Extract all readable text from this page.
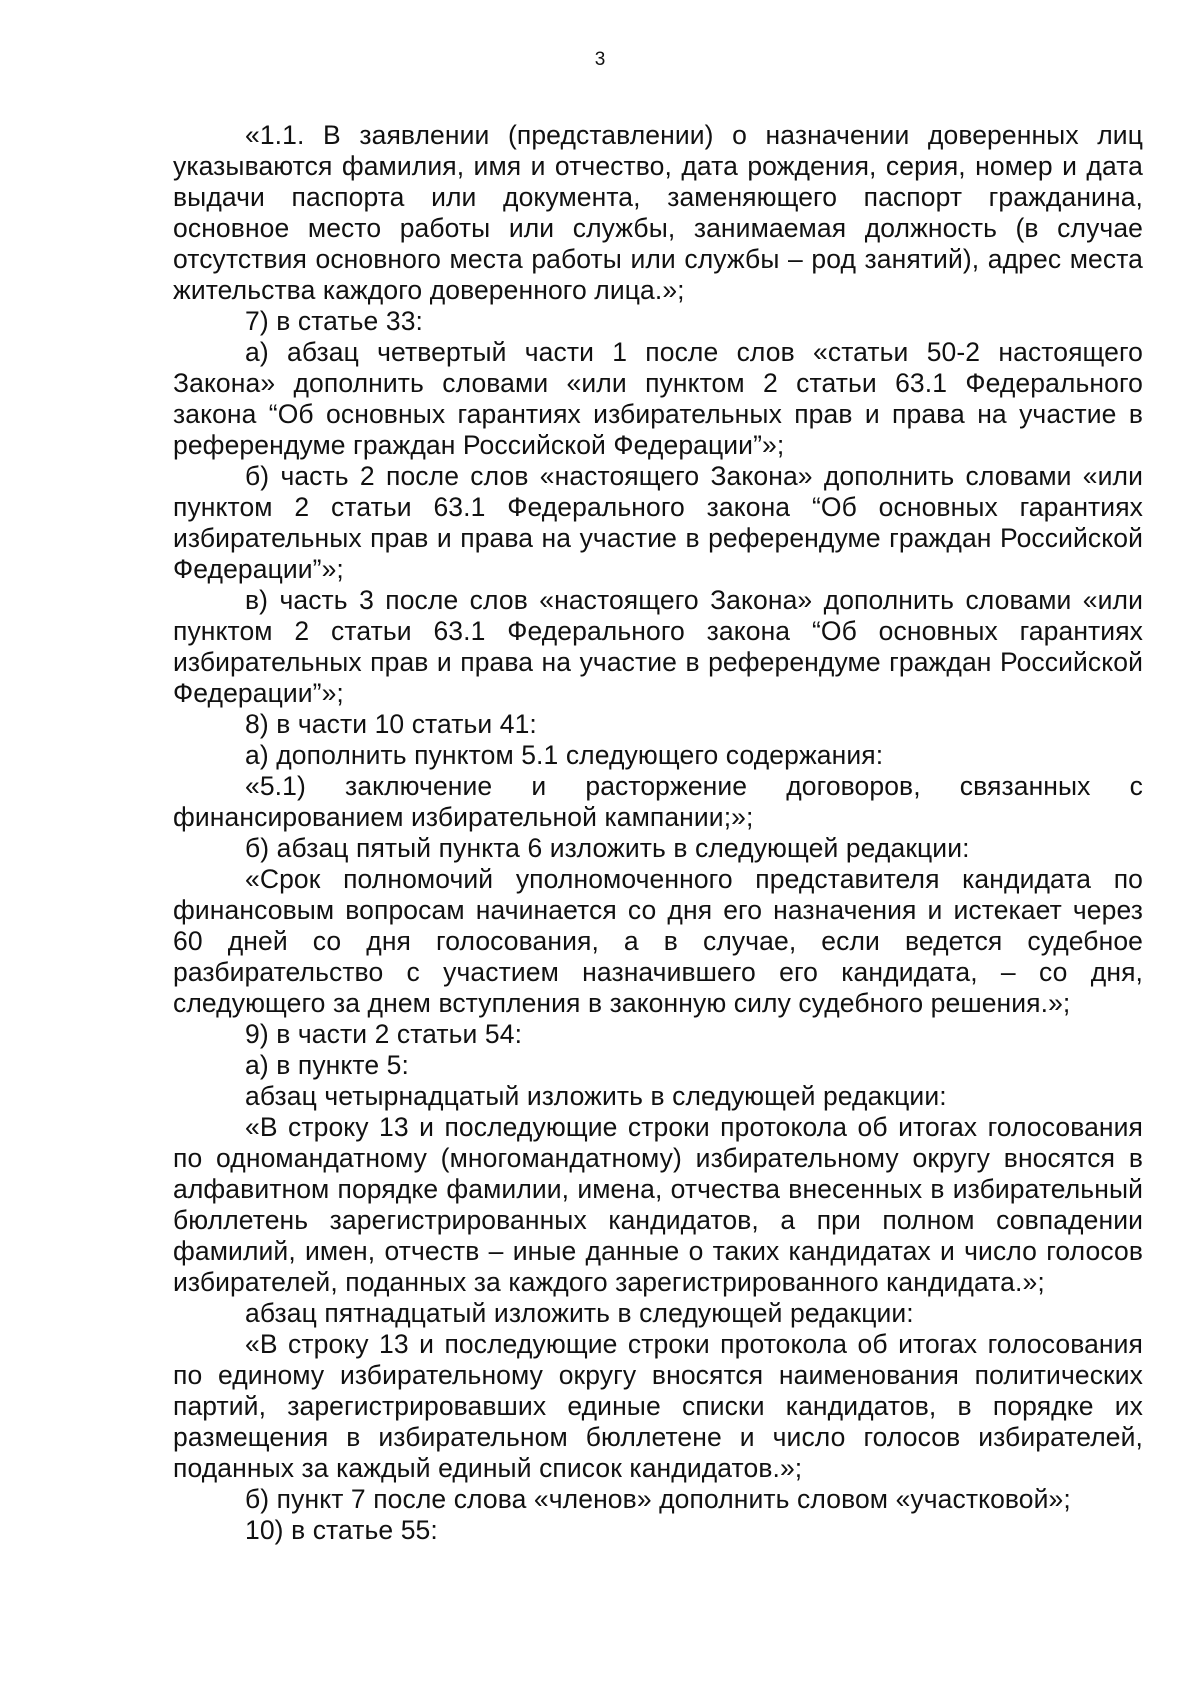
3

«1.1. В заявлении (представлении) о назначении доверенных лиц указываются фамилия, имя и отчество, дата рождения, серия, номер и дата выдачи паспорта или документа, заменяющего паспорт гражданина, основное место работы или службы, занимаемая должность (в случае отсутствия основного места работы или службы – род занятий), адрес места жительства каждого доверенного лица.»;

7) в статье 33:

а) абзац четвертый части 1 после слов «статьи 50-2 настоящего Закона» дополнить словами «или пунктом 2 статьи 63.1 Федерального закона “Об основных гарантиях избирательных прав и права на участие в референдуме граждан Российской Федерации”»;

б) часть 2 после слов «настоящего Закона» дополнить словами «или пунктом 2 статьи 63.1 Федерального закона “Об основных гарантиях избирательных прав и права на участие в референдуме граждан Российской Федерации”»;

в) часть 3 после слов «настоящего Закона» дополнить словами «или пунктом 2 статьи 63.1 Федерального закона “Об основных гарантиях избирательных прав и права на участие в референдуме граждан Российской Федерации”»;

8) в части 10 статьи 41:

а) дополнить пунктом 5.1 следующего содержания:

«5.1) заключение и расторжение договоров, связанных с финансированием избирательной кампании;»;

б) абзац пятый пункта 6 изложить в следующей редакции:

«Срок полномочий уполномоченного представителя кандидата по финансовым вопросам начинается со дня его назначения и истекает через 60 дней со дня голосования, а в случае, если ведется судебное разбирательство с участием назначившего его кандидата, – со дня, следующего за днем вступления в законную силу судебного решения.»;

9) в части 2 статьи 54:

а) в пункте 5:

абзац четырнадцатый изложить в следующей редакции:

«В строку 13 и последующие строки протокола об итогах голосования по одномандатному (многомандатному) избирательному округу вносятся в алфавитном порядке фамилии, имена, отчества внесенных в избирательный бюллетень зарегистрированных кандидатов, а при полном совпадении фамилий, имен, отчеств – иные данные о таких кандидатах и число голосов избирателей, поданных за каждого зарегистрированного кандидата.»;

абзац пятнадцатый изложить в следующей редакции:

«В строку 13 и последующие строки протокола об итогах голосования по единому избирательному округу вносятся наименования политических партий, зарегистрировавших единые списки кандидатов, в порядке их размещения в избирательном бюллетене и число голосов избирателей, поданных за каждый единый список кандидатов.»;

б) пункт 7 после слова «членов» дополнить словом «участковой»;

10) в статье 55:
